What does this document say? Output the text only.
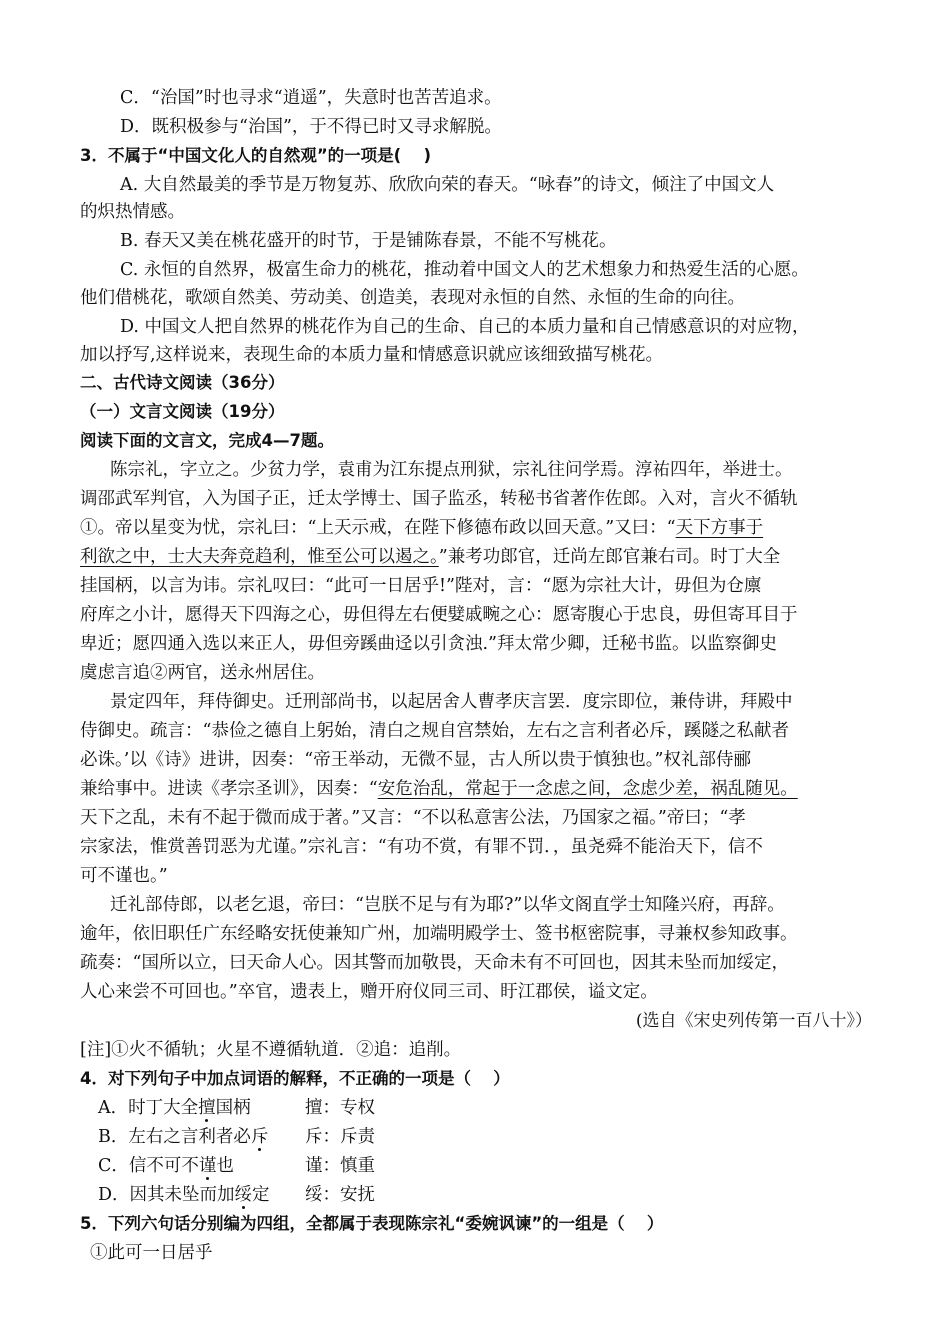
C．“治国”时也寻求“逍遥”，失意时也苦苦追求。
D．既积极参与“治国”，于不得已时又寻求解脱。
3．不属于“中国文化人的自然观”的一项是(　 )
A. 大自然最美的季节是万物复苏、欣欣向荣的春天。“咏春”的诗文，倾注了中国文人
的炽热情感。
B. 春天又美在桃花盛开的时节，于是铺陈春景，不能不写桃花。
C. 永恒的自然界，极富生命力的桃花，推动着中国文人的艺术想象力和热爱生活的心愿。
他们借桃花，歌颂自然美、劳动美、创造美，表现对永恒的自然、永恒的生命的向往。
D. 中国文人把自然界的桃花作为自己的生命、自己的本质力量和自己情感意识的对应物，
加以抒写,这样说来，表现生命的本质力量和情感意识就应该细致描写桃花。
二、古代诗文阅读（36分）
（一）文言文阅读（19分）
阅读下面的文言文，完成4—7题。
陈宗礼，字立之。少贫力学，袁甫为江东提点刑狱，宗礼往问学焉。淳祐四年，举进士。
调邵武军判官，入为国子正，迁太学博士、国子监丞，转秘书省著作佐郎。入对，言火不循轨
①。帝以星变为忧，宗礼曰：“上天示戒，在陛下修德布政以回天意。”又曰：“天下方事于
利欲之中，士大夫奔竞趋利，惟至公可以遏之。”兼考功郎官，迁尚左郎官兼右司。时丁大全
挂国柄，以言为讳。宗礼叹曰：“此可一日居乎!”陛对，言：“愿为宗社大计，毋但为仓廪
府库之小计，愿得天下四海之心，毋但得左右便嬖戚畹之心：愿寄腹心于忠良，毋但寄耳目于
卑近；愿四通入选以来正人，毋但旁蹊曲迳以引贪浊.”拜太常少卿，迁秘书监。以监察御史
虞虑言追②两官，送永州居住。
景定四年，拜侍御史。迁刑部尚书，以起居舍人曹孝庆言罢．度宗即位，兼侍讲，拜殿中
侍御史。疏言：“恭俭之德自上躬始，清白之规自宫禁始，左右之言利者必斥，蹊隧之私献者
必诛。’以《诗》进讲，因奏：“帝王举动，无微不显，古人所以贵于慎独也。”权礼部侍郦
兼给事中。进读《孝宗圣训》，因奏：“安危治乱，常起于一念虑之间，念虑少差，祸乱随见。
天下之乱，未有不起于微而成于著。”又言：“不以私意害公法，乃国家之福。”帝曰；“孝
宗家法，惟赏善罚恶为尤谨。”宗礼言：“有功不赏，有罪不罚．，虽尧舜不能治天下，信不
可不谨也。”
迁礼部侍郎，以老乞退，帝曰：“岂朕不足与有为耶?”以华文阁直学士知隆兴府，再辞。
逾年，依旧职任广东经略安抚使兼知广州，加端明殿学士、签书枢密院事，寻兼权参知政事。
疏奏：“国所以立，曰天命人心。因其警而加敬畏，天命未有不可回也，因其未坠而加绥定，
人心来尝不可回也。”卒官，遗表上，赠开府仪同三司、盱江郡侯，谥文定。
(选自《宋史列传第一百八十》）
[注]①火不循轨；火星不遵循轨道．②追：追削。
4．对下列句子中加点词语的解释，不正确的一项是（　 ）
A．时丁大全擅国柄	擅：专权
B．左右之言利者必斥 斥：斥责
C．信不可不谨也	谨：慎重
D．因其未坠而加绥定 绥：安抚
5．下列六句话分别编为四组，全都属于表现陈宗礼“委婉讽谏”的一组是（　 ）
①此可一日居乎
